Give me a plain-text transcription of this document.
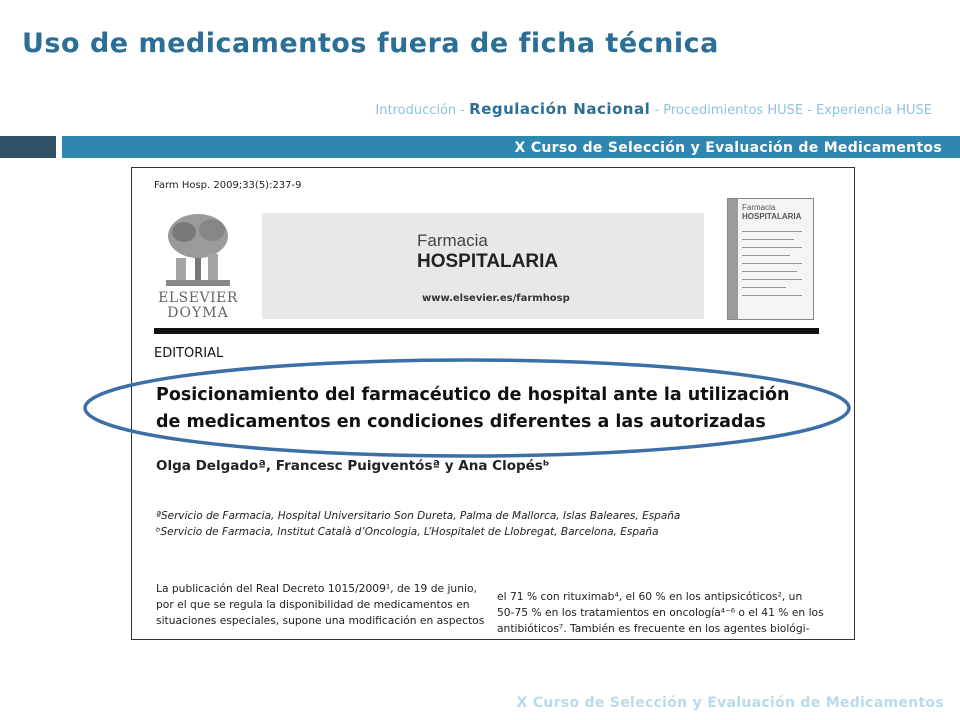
Uso de medicamentos fuera de ficha técnica
Introducción - Regulación Nacional - Procedimientos HUSE - Experiencia HUSE
X Curso de Selección y Evaluación de Medicamentos
Farm Hosp. 2009;33(5):237-9
ELSEVIER
DOYMA
Farmacia
HOSPITALARIA
www.elsevier.es/farmhosp
Farmacia
HOSPITALARIA
EDITORIAL
Posicionamiento del farmacéutico de hospital ante la utilización
de medicamentos en condiciones diferentes a las autorizadas
Olga Delgadoª, Francesc Puigventósª y Ana Clopésᵇ
ªServicio de Farmacia, Hospital Universitario Son Dureta, Palma de Mallorca, Islas Baleares, España
ᵇServicio de Farmacia, Institut Català d’Oncologia, L’Hospitalet de Llobregat, Barcelona, España
La publicación del Real Decreto 1015/2009¹, de 19 de junio,
por el que se regula la disponibilidad de medicamentos en
situaciones especiales, supone una modificación en aspectos
el 71 % con rituximab⁴, el 60 % en los antipsicóticos², un
50-75 % en los tratamientos en oncología⁴⁻⁶ o el 41 % en los
antibióticos⁷. También es frecuente en los agentes biológi-
X Curso de Selección y Evaluación de Medicamentos
